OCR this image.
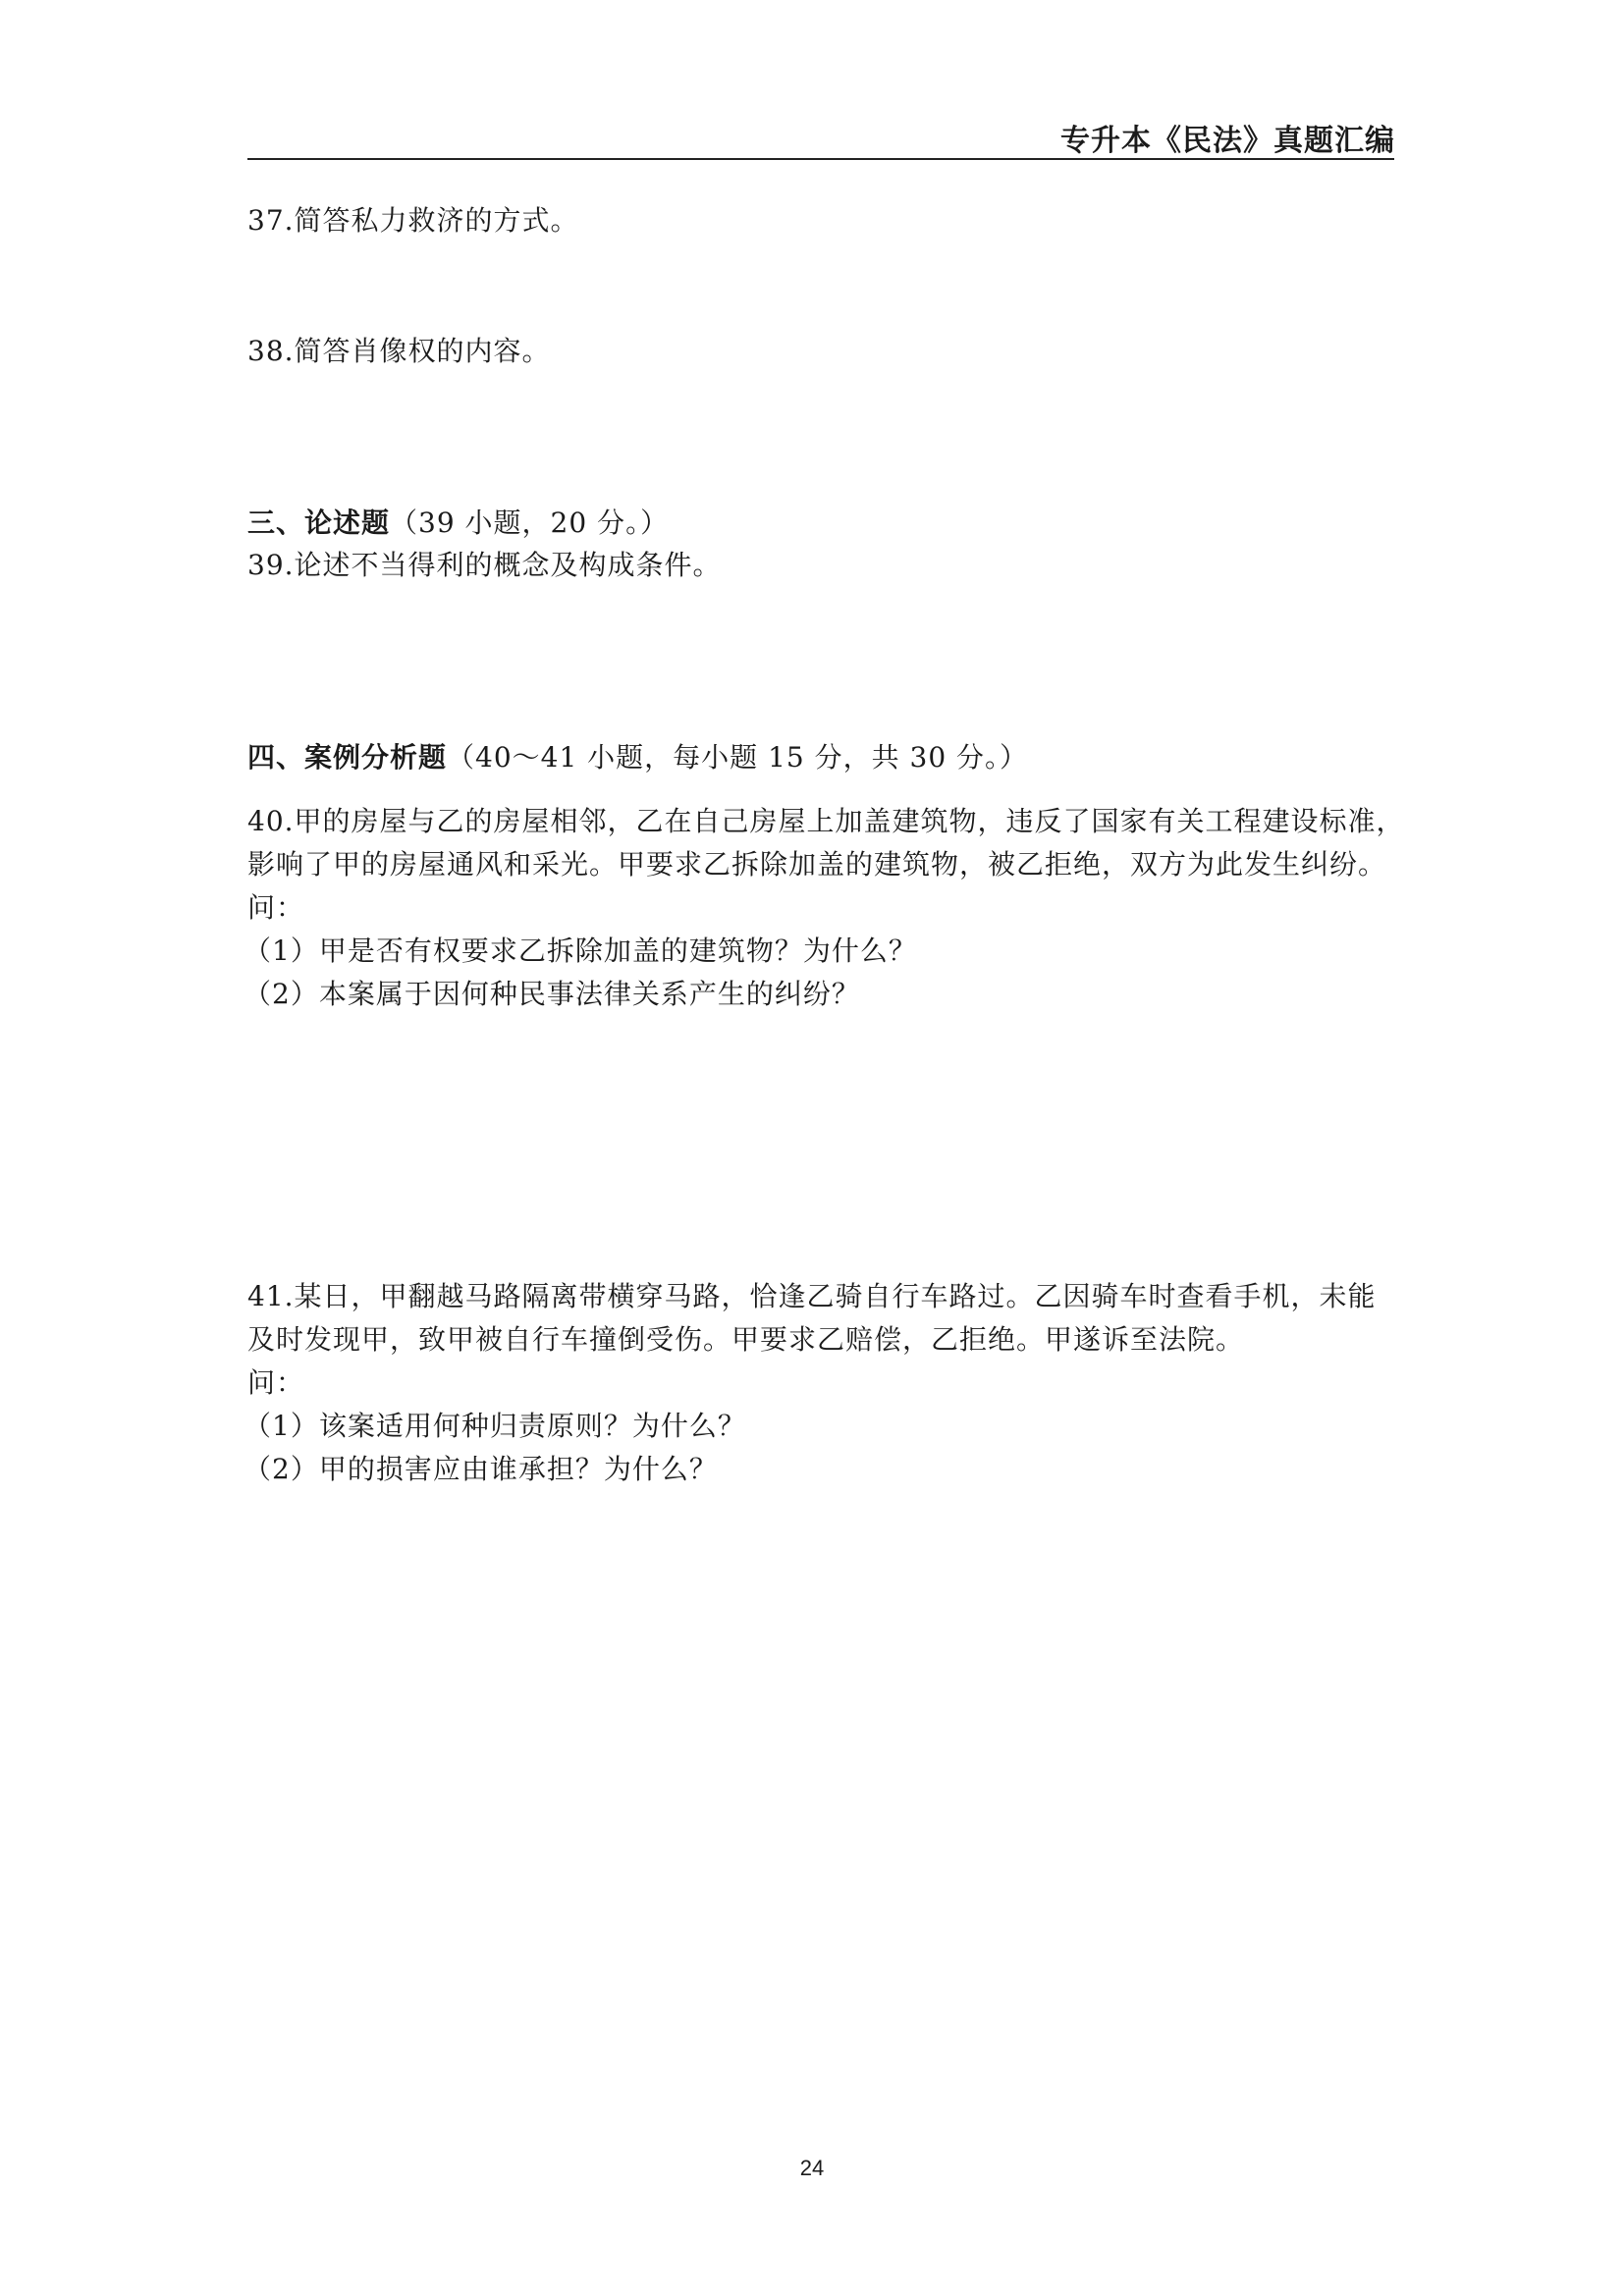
专升本《民法》真题汇编
37.简答私力救济的方式。
38.简答肖像权的内容。
三、论述题（39 小题，20 分。）
39.论述不当得利的概念及构成条件。
四、案例分析题（40～41 小题，每小题 15 分，共 30 分。）
40.甲的房屋与乙的房屋相邻，乙在自己房屋上加盖建筑物，违反了国家有关工程建设标准，
影响了甲的房屋通风和采光。甲要求乙拆除加盖的建筑物，被乙拒绝，双方为此发生纠纷。
问：
（1）甲是否有权要求乙拆除加盖的建筑物？为什么？
（2）本案属于因何种民事法律关系产生的纠纷？
41.某日，甲翻越马路隔离带横穿马路，恰逢乙骑自行车路过。乙因骑车时查看手机，未能
及时发现甲，致甲被自行车撞倒受伤。甲要求乙赔偿，乙拒绝。甲遂诉至法院。
问：
（1）该案适用何种归责原则？为什么？
（2）甲的损害应由谁承担？为什么？
24
